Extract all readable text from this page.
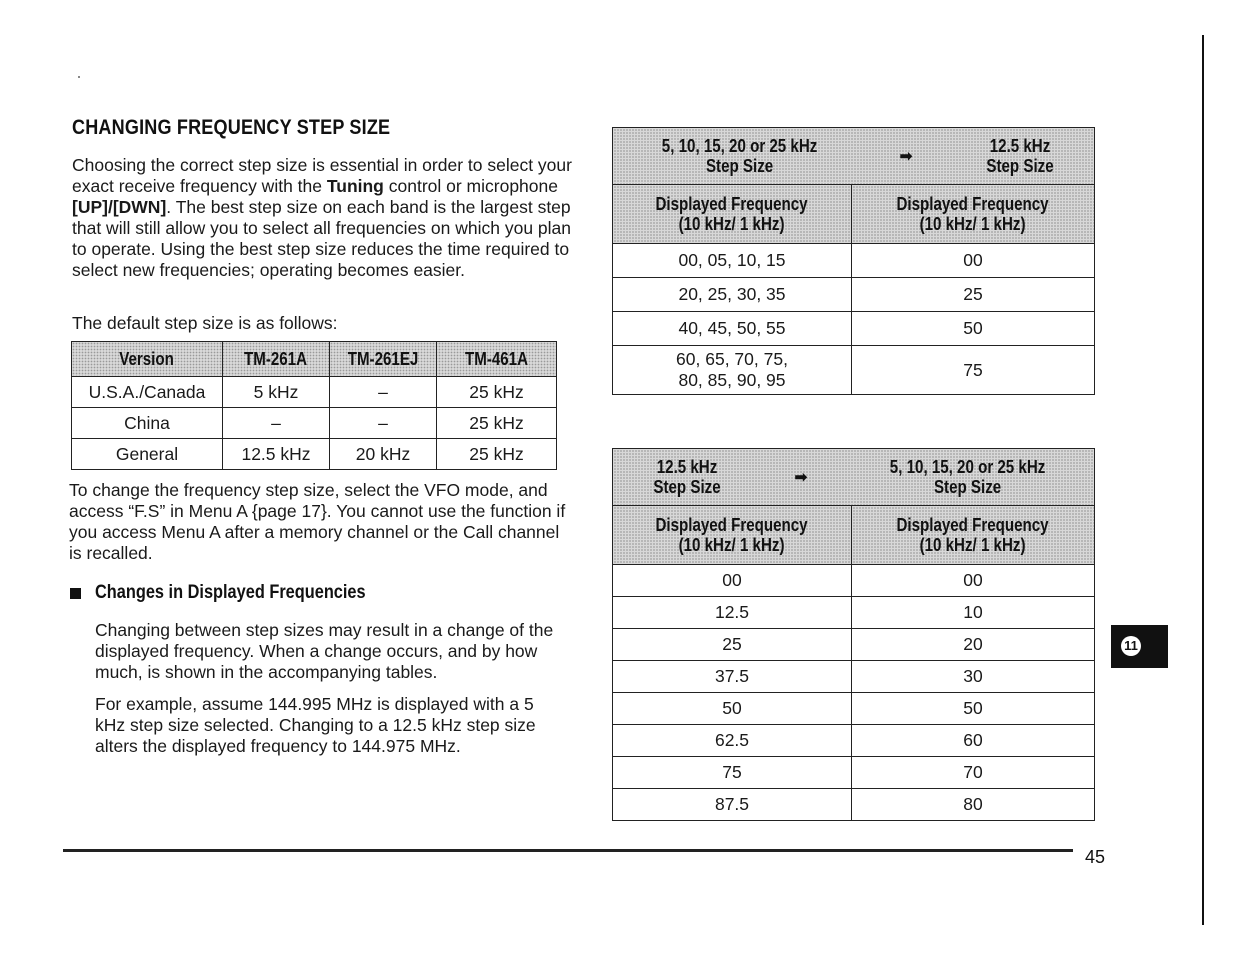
CHANGING FREQUENCY STEP SIZE

Choosing the correct step size is essential in order to select your exact receive frequency with the Tuning control or microphone [UP]/[DWN]. The best step size on each band is the largest step that will still allow you to select all frequencies on which you plan to operate. Using the best step size reduces the time required to select new frequencies; operating becomes easier.

The default step size is as follows:

Version	TM-261A	TM-261EJ	TM-461A
U.S.A./Canada	5 kHz	–	25 kHz
China	–	–	25 kHz
General	12.5 kHz	20 kHz	25 kHz

To change the frequency step size, select the VFO mode, and access “F.S” in Menu A {page 17}. You cannot use the function if you access Menu A after a memory channel or the Call channel is recalled.

Changes in Displayed Frequencies

Changing between step sizes may result in a change of the displayed frequency. When a change occurs, and by how much, is shown in the accompanying tables.

For example, assume 144.995 MHz is displayed with a 5 kHz step size selected. Changing to a 12.5 kHz step size alters the displayed frequency to 144.975 MHz.

5, 10, 15, 20 or 25 kHz
Step Size ➡
12.5 kHz
Step Size	

Displayed Frequency
(10 kHz/ 1 kHz)	Displayed Frequency
(10 kHz/ 1 kHz)
00, 05, 10, 15	00
20, 25, 30, 35	25
40, 45, 50, 55	50
60, 65, 70, 75,
80, 85, 90, 95	75
12.5 kHz
Step Size ➡
5, 10, 15, 20 or 25 kHz
Step Size	

Displayed Frequency
(10 kHz/ 1 kHz)	Displayed Frequency
(10 kHz/ 1 kHz)
00	00
12.5	10
25	20
37.5	30
50	50
62.5	60
75	70
87.5	80
11
45
